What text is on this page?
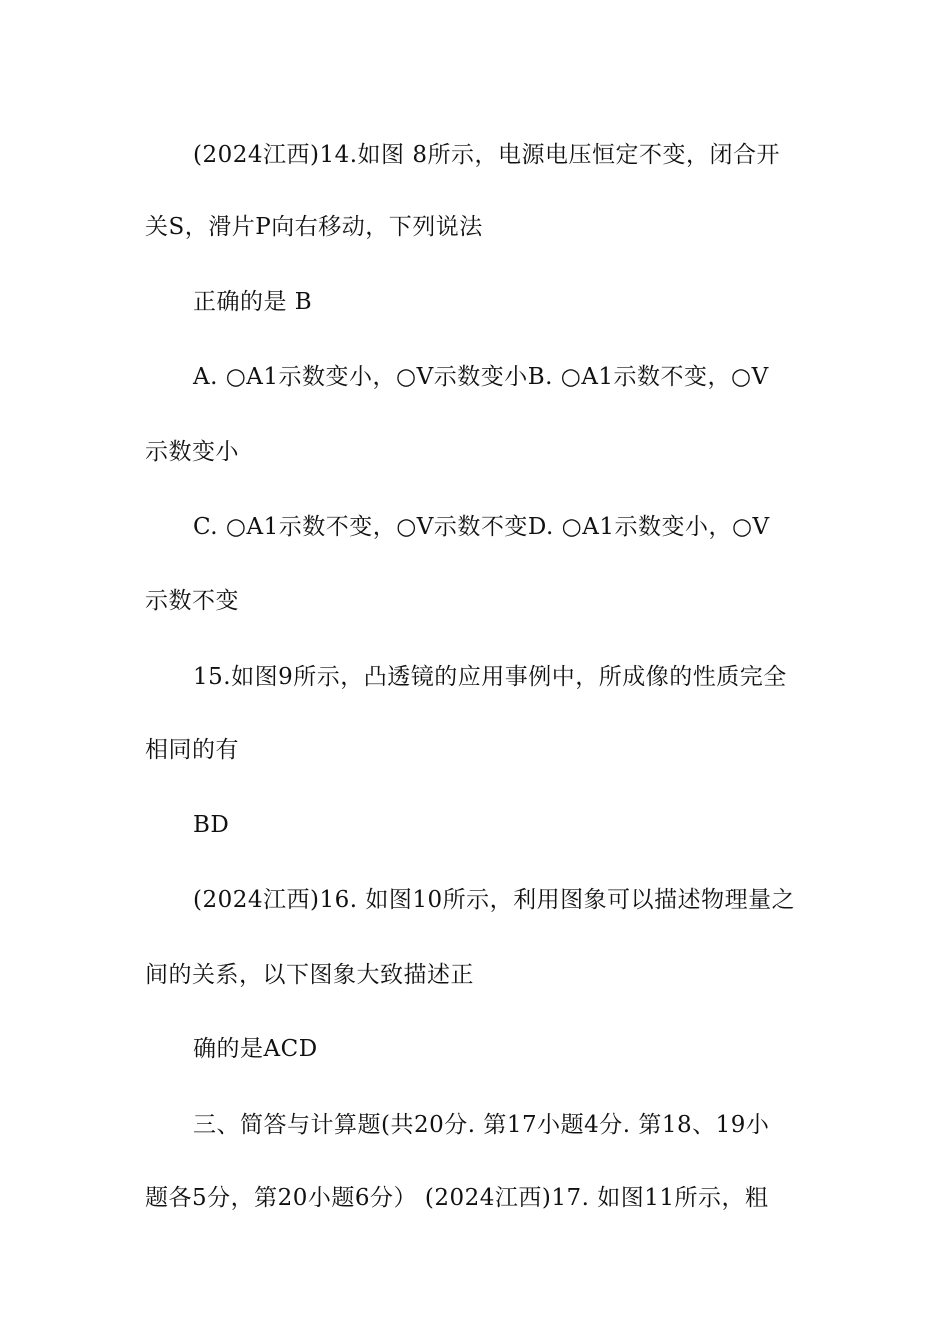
(2024江西)14.如图 8所示，电源电压恒定不变，闭合开
关S，滑片P向右移动，下列说法
正确的是 B
A. ○A1示数变小，○V示数变小B. ○A1示数不变，○V
示数变小
C. ○A1示数不变，○V示数不变D. ○A1示数变小，○V
示数不变
15.如图9所示，凸透镜的应用事例中，所成像的性质完全
相同的有
BD
(2024江西)16. 如图10所示，利用图象可以描述物理量之
间的关系，以下图象大致描述正
确的是ACD
三、简答与计算题(共20分. 第17小题4分. 第18、19小
题各5分，第20小题6分） (2024江西)17. 如图11所示，粗
